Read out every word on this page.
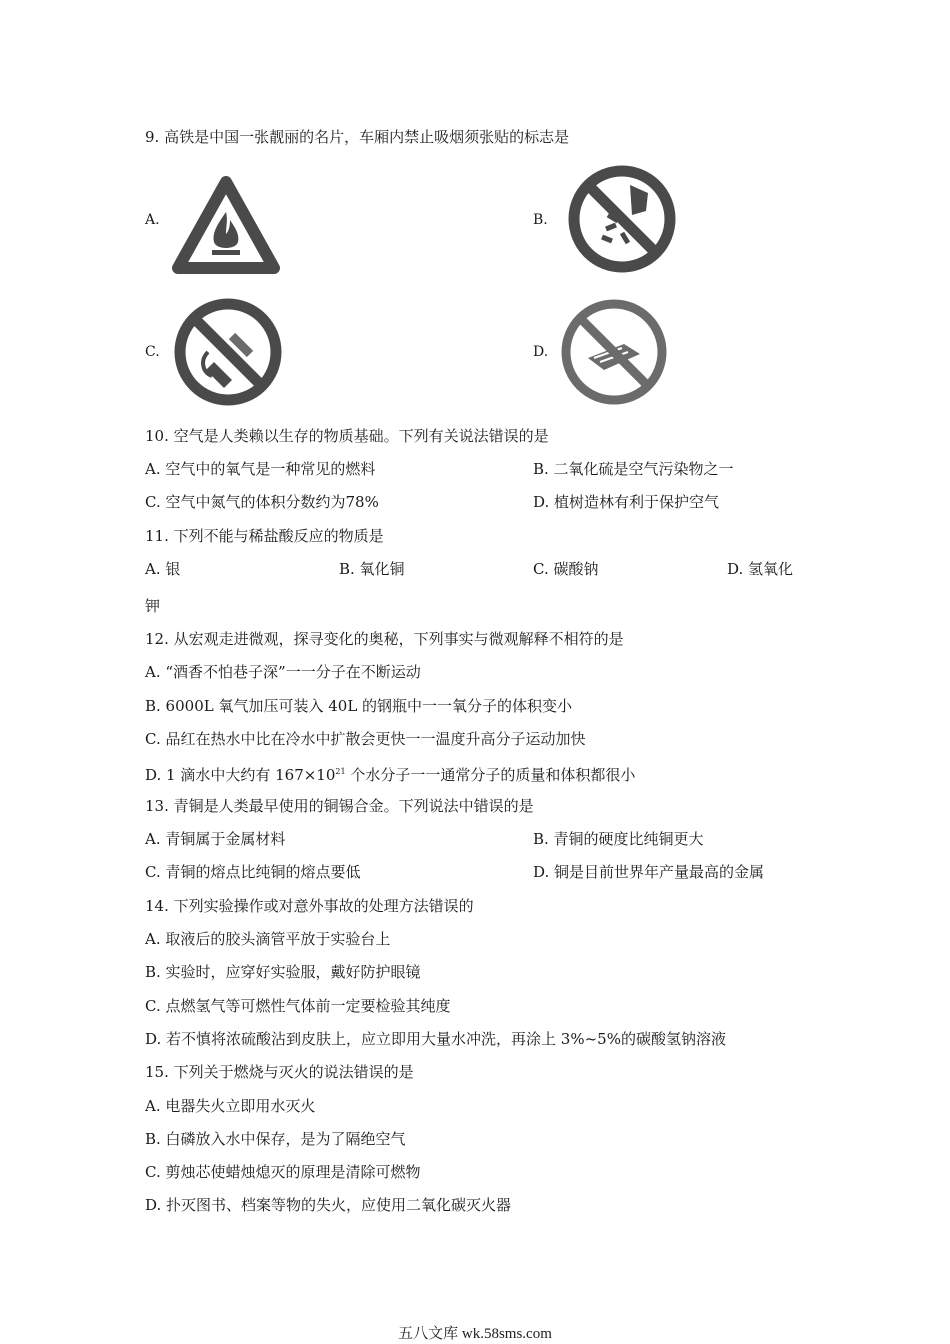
9. 高铁是中国一张靓丽的名片，车厢内禁止吸烟须张贴的标志是
A.	B.
C.	D.
10. 空气是人类赖以生存的物质基础。下列有关说法错误的是
A. 空气中的氧气是一种常见的燃料	B. 二氧化硫是空气污染物之一
C. 空气中氮气的体积分数约为78%	D. 植树造林有利于保护空气
11. 下列不能与稀盐酸反应的物质是
A. 银	B. 氧化铜	C. 碳酸钠	D. 氢氧化
钾
12. 从宏观走进微观，探寻变化的奥秘，下列事实与微观解释不相符的是
A. “酒香不怕巷子深”一一分子在不断运动
B. 6000L 氧气加压可装入 40L 的钢瓶中一一氧分子的体积变小
C. 品红在热水中比在冷水中扩散会更快一一温度升高分子运动加快
D. 1 滴水中大约有 $167\times 10^{21}$ 个水分子一一通常分子的质量和体积都很小
13. 青铜是人类最早使用的铜锡合金。下列说法中错误的是
A. 青铜属于金属材料	B. 青铜的硬度比纯铜更大
C. 青铜的熔点比纯铜的熔点要低	D. 铜是目前世界年产量最高的金属
14. 下列实验操作或对意外事故的处理方法错误的
A. 取液后的胶头滴管平放于实验台上
B. 实验时，应穿好实验服，戴好防护眼镜
C. 点燃氢气等可燃性气体前一定要检验其纯度
D. 若不慎将浓硫酸沾到皮肤上，应立即用大量水冲洗，再涂上 3%~5%的碳酸氢钠溶液
15. 下列关于燃烧与灭火的说法错误的是
A. 电器失火立即用水灭火
B. 白磷放入水中保存，是为了隔绝空气
C. 剪烛芯使蜡烛熄灭的原理是清除可燃物
D. 扑灭图书、档案等物的失火，应使用二氧化碳灭火器
五八文库 wk.58sms.com
